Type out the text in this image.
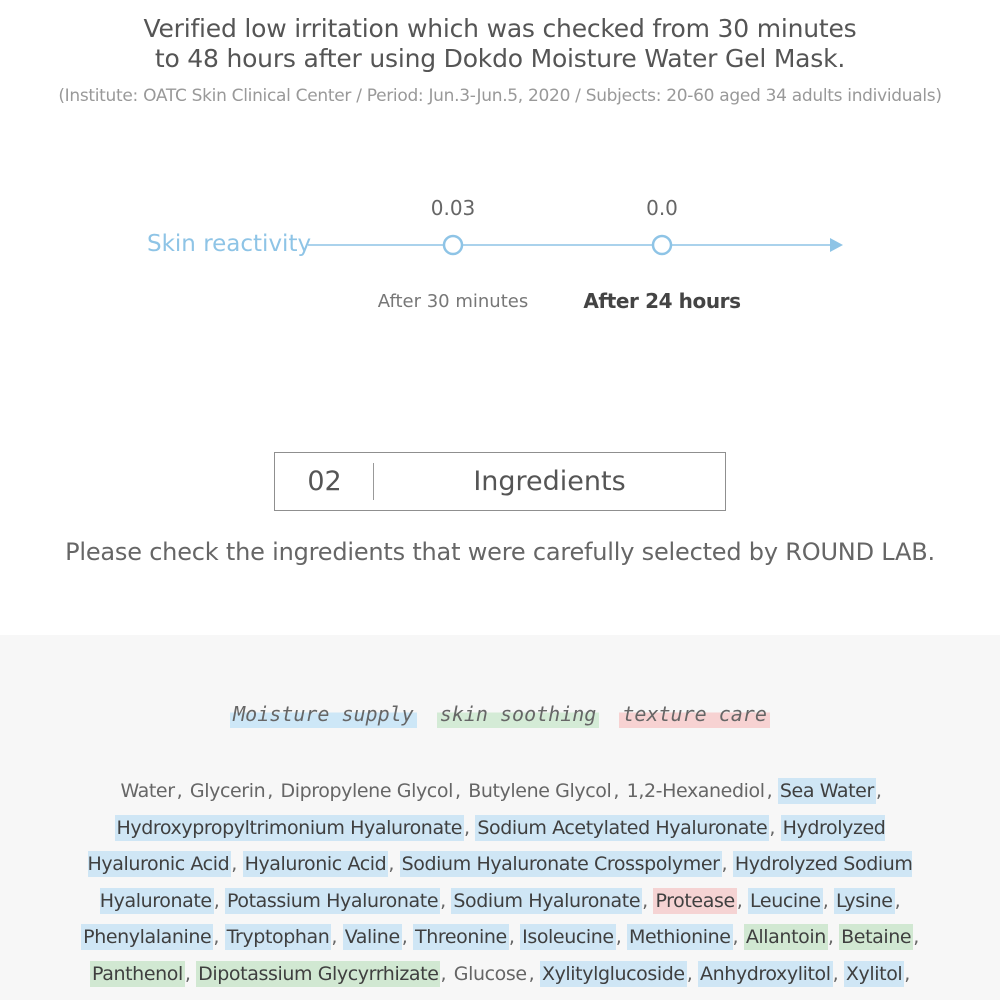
Verified low irritation which was checked from 30 minutes
to 48 hours after using Dokdo Moisture Water Gel Mask.
(Institute: OATC Skin Clinical Center / Period: Jun.3-Jun.5, 2020 / Subjects: 20-60 aged 34 adults individuals)
Skin reactivity
0.03	0.0
After 30 minutes	After 24 hours
02	Ingredients
Please check the ingredients that were carefully selected by ROUND LAB.
Moisture supply skin soothing texture care
Water , Glycerin , Dipropylene Glycol , Butylene Glycol , 1,2-Hexanediol , Sea Water , Hydroxypropyltrimonium Hyaluronate , Sodium Acetylated Hyaluronate , Hydrolyzed Hyaluronic Acid , Hyaluronic Acid , Sodium Hyaluronate Crosspolymer , Hydrolyzed Sodium Hyaluronate , Potassium Hyaluronate , Sodium Hyaluronate , Protease , Leucine , Lysine , Phenylalanine , Tryptophan , Valine , Threonine , Isoleucine , Methionine , Allantoin , Betaine , Panthenol , Dipotassium Glycyrrhizate , Glucose , Xylitylglucoside , Anhydroxylitol , Xylitol ,
